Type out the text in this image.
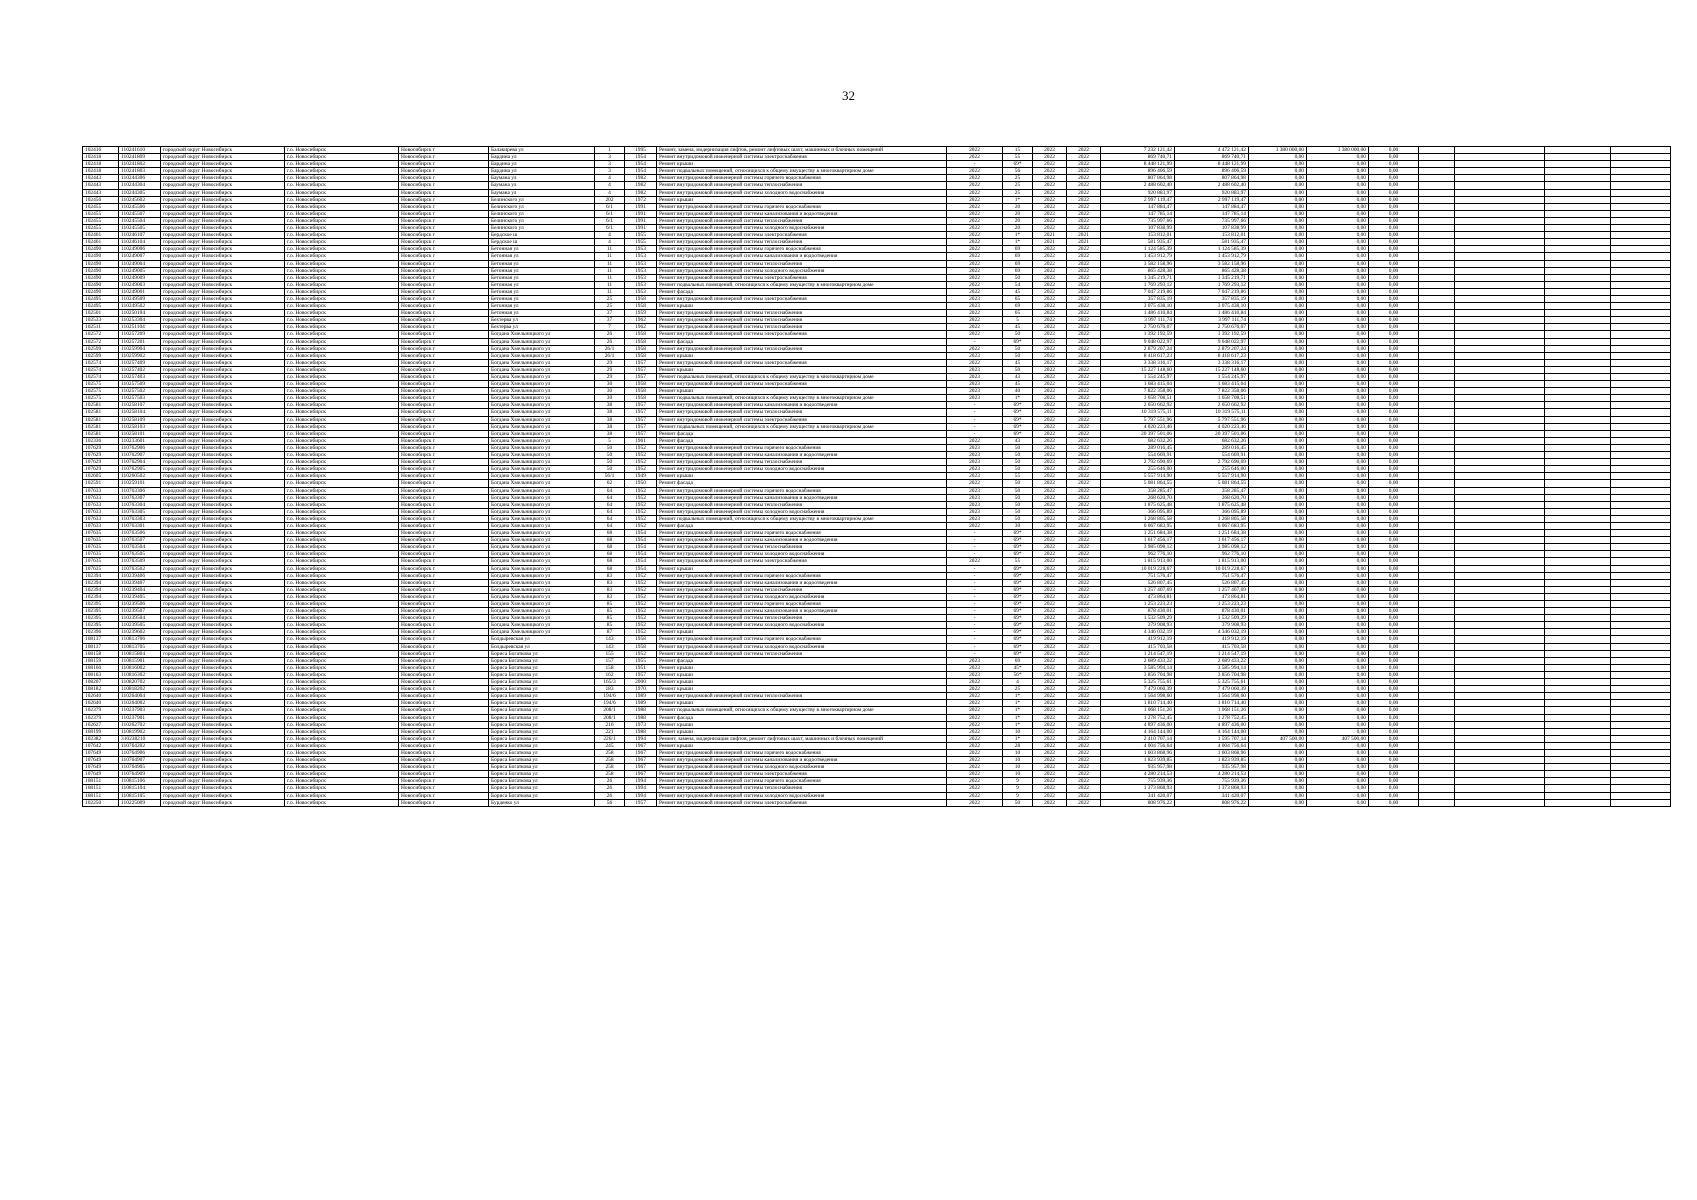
32
102416	110241610	городской округ Новосибирск	г.о. Новосибирск	Новосибирск г	Балакирева ул	1	1995	Ремонт, замена, модернизация лифтов, ремонт лифтовых шахт, машинных и блочных помещений	2022	15	2022	2022	7 232 121,42	4 472 121,42	1 380 000,00	1 380 000,00	0,00				
102418	110241809	городской округ Новосибирск	г.о. Новосибирск	Новосибирск г	Бардина ул	3	1954	Ремонт внутридомовой инженерной системы электроснабжения	2022	55	2022	2022	869 740,71	869 740,71	0,00	0,00	0,00				
102418	110241802	городской округ Новосибирск	г.о. Новосибирск	Новосибирск г	Бардина ул	3	1954	Ремонт крыши	-	69*	2022	2022	8 448 121,99	8 448 121,99	0,00	0,00	0,00				
102418	110241803	городской округ Новосибирск	г.о. Новосибирск	Новосибирск г	Бардина ул	3	1954	Ремонт подвальных помещений, относящихся к общему имуществу в многоквартирном доме	2022	56	2022	2022	896 406,59	896 406,59	0,00	0,00	0,00				
102443	110244306	городской округ Новосибирск	г.о. Новосибирск	Новосибирск г	Бауманa ул	4	1982	Ремонт внутридомовой инженерной системы горячего водоснабжения	2022	25	2022	2022	807 864,98	807 864,98	0,00	0,00	0,00				
102443	110244304	городской округ Новосибирск	г.о. Новосибирск	Новосибирск г	Бауманa ул	4	1982	Ремонт внутридомовой инженерной системы теплоснабжения	2022	25	2022	2022	2 488 602,40	2 488 602,40	0,00	0,00	0,00				
102443	110244305	городской округ Новосибирск	г.о. Новосибирск	Новосибирск г	Бауманa ул	4	1982	Ремонт внутридомовой инженерной системы холодного водоснабжения	2022	25	2022	2022	920 883,97	920 883,97	0,00	0,00	0,00				
102456	110245602	городской округ Новосибирск	г.о. Новосибирск	Новосибирск г	Белинского ул	202	1972	Ремонт крыши	2022	1*	2022	2022	2 997 119,47	2 997 119,47	0,00	0,00	0,00				
102455	110245506	городской округ Новосибирск	г.о. Новосибирск	Новосибирск г	Белинского ул	6/1	1991	Ремонт внутридомовой инженерной системы горячего водоснабжения	2022	20	2022	2022	147 884,47	147 884,47	0,00	0,00	0,00				
102455	110245507	городской округ Новосибирск	г.о. Новосибирск	Новосибирск г	Белинского ул	6/1	1991	Ремонт внутридомовой инженерной системы канализования и водоотведения	2022	20	2022	2022	147 785,14	147 785,14	0,00	0,00	0,00				
102455	110245504	городской округ Новосибирск	г.о. Новосибирск	Новосибирск г	Белинского ул	6/1	1991	Ремонт внутридомовой инженерной системы теплоснабжения	2022	20	2022	2022	735 997,66	735 997,66	0,00	0,00	0,00				
102455	110245505	городской округ Новосибирск	г.о. Новосибирск	Новосибирск г	Белинского ул	6/1	1991	Ремонт внутридомовой инженерной системы холодного водоснабжения	2022	20	2022	2022	107 838,99	107 838,99	0,00	0,00	0,00				
102461	110246107	городской округ Новосибирск	г.о. Новосибирск	Новосибирск г	Бердское ш	4	1955	Ремонт внутридомовой инженерной системы электроснабжения	2022	1*	2021	2021	153 812,01	153 812,01	0,00	0,00	0,00				
102461	110246104	городской округ Новосибирск	г.о. Новосибирск	Новосибирск г	Бердское ш	4	1955	Ремонт внутридомовой инженерной системы теплоснабжения	2022	1*	2021	2021	581 935,47	581 935,47	0,00	0,00	0,00				
102490	110249006	городской округ Новосибирск	г.о. Новосибирск	Новосибирск г	Бетонная ул	11	1953	Ремонт внутридомовой инженерной системы горячего водоснабжения	2022	69	2022	2022	1 124 585,39	1 124 585,39	0,00	0,00	0,00				
102490	110249007	городской округ Новосибирск	г.о. Новосибирск	Новосибирск г	Бетонная ул	11	1953	Ремонт внутридомовой инженерной системы канализования и водоотведения	2022	69	2022	2022	1 453 912,79	1 453 912,79	0,00	0,00	0,00				
102490	110249004	городской округ Новосибирск	г.о. Новосибирск	Новосибирск г	Бетонная ул	11	1953	Ремонт внутридомовой инженерной системы теплоснабжения	2022	69	2022	2022	3 582 158,96	3 582 158,96	0,00	0,00	0,00				
102490	110249005	городской округ Новосибирск	г.о. Новосибирск	Новосибирск г	Бетонная ул	11	1953	Ремонт внутридомовой инженерной системы холодного водоснабжения	2022	69	2022	2022	865 428,38	865 428,38	0,00	0,00	0,00				
102490	110249009	городской округ Новосибирск	г.о. Новосибирск	Новосибирск г	Бетонная ул	11	1953	Ремонт внутридомовой инженерной системы электроснабжения	2022	50	2022	2022	1 345 219,71	1 345 219,71	0,00	0,00	0,00				
102490	110249003	городской округ Новосибирск	г.о. Новосибирск	Новосибирск г	Бетонная ул	11	1953	Ремонт подвальных помещений, относящихся к общему имуществу в многоквартирном доме	2022	54	2022	2022	1 769 293,12	1 769 293,12	0,00	0,00	0,00				
102490	110249001	городской округ Новосибирск	г.о. Новосибирск	Новосибирск г	Бетонная ул	11	1953	Ремонт фасада	2022	45	2022	2022	7 047 219,86	7 047 219,86	0,00	0,00	0,00				
102495	110249509	городской округ Новосибирск	г.о. Новосибирск	Новосибирск г	Бетонная ул	25	1958	Ремонт внутридомовой инженерной системы электроснабжения	2023	65	2022	2022	357 835,19	357 835,19	0,00	0,00	0,00				
102495	110249502	городской округ Новосибирск	г.о. Новосибирск	Новосибирск г	Бетонная ул	25	1958	Ремонт крыши	2023	69	2022	2022	3 075 438,10	3 075 438,10	0,00	0,00	0,00				
102501	110250104	городской округ Новосибирск	г.о. Новосибирск	Новосибирск г	Бетонная ул	37	1959	Ремонт внутридомовой инженерной системы теплоснабжения	2022	65	2022	2022	1 486 410,84	1 486 410,84	0,00	0,00	0,00				
102533	110253304	городской округ Новосибирск	г.о. Новосибирск	Новосибирск г	Бехтерва ул	37	1962	Ремонт внутридомовой инженерной системы теплоснабжения	2022	5	2022	2022	3 997 111,74	3 997 111,74	0,00	0,00	0,00				
102511	110251104	городской округ Новосибирск	г.о. Новосибирск	Новосибирск г	Бехтерва ул	7	1962	Ремонт внутридомовой инженерной системы теплоснабжения	2022	45	2022	2022	2 750 676,07	2 750 676,07	0,00	0,00	0,00				
102572	110257209	городской округ Новосибирск	г.о. Новосибирск	Новосибирск г	Богдана Хмельницкого ул	26	1958	Ремонт внутридомовой инженерной системы электроснабжения	2022	50	2022	2022	1 392 192,59	1 392 192,59	0,00	0,00	0,00				
102572	110257201	городской округ Новосибирск	г.о. Новосибирск	Новосибирск г	Богдана Хмельницкого ул	26	1958	Ремонт фасада	-	69*	2022	2022	9 048 022,97	9 048 022,97	0,00	0,00	0,00				
102599	110259904	городской округ Новосибирск	г.о. Новосибирск	Новосибирск г	Богдана Хмельницкого ул	26/1	1958	Ремонт внутридомовой инженерной системы теплоснабжения	2022	50	2022	2022	2 879 207,24	2 879 207,24	0,00	0,00	0,00				
102599	110259902	городской округ Новосибирск	г.о. Новосибирск	Новосибирск г	Богдана Хмельницкого ул	26/1	1958	Ремонт крыши	2023	50	2022	2022	8 418 617,23	8 418 617,23	0,00	0,00	0,00				
102574	110257409	городской округ Новосибирск	г.о. Новосибирск	Новосибирск г	Богдана Хмельницкого ул	29	1957	Ремонт внутридомовой инженерной системы электроснабжения	2022	45	2022	2022	3 338 316,17	3 338 316,17	0,00	0,00	0,00				
102574	110257402	городской округ Новосибирск	г.о. Новосибирск	Новосибирск г	Богдана Хмельницкого ул	29	1957	Ремонт крыши	2023	50	2022	2022	15 227 148,60	15 227 148,60	0,00	0,00	0,00				
102574	110257403	городской округ Новосибирск	г.о. Новосибирск	Новосибирск г	Богдана Хмельницкого ул	29	1957	Ремонт подвальных помещений, относящихся к общему имуществу в многоквартирном доме	2023	43	2022	2022	1 554 245,97	1 554 245,97	0,00	0,00	0,00				
102575	110257509	городской округ Новосибирск	г.о. Новосибирск	Новосибирск г	Богдана Хмельницкого ул	30	1958	Ремонт внутридомовой инженерной системы электроснабжения	2023	45	2022	2022	1 683 415,04	1 683 415,04	0,00	0,00	0,00				
102575	110257502	городской округ Новосибирск	г.о. Новосибирск	Новосибирск г	Богдана Хмельницкого ул	30	1958	Ремонт крыши	2023	40	2022	2022	7 822 358,06	7 822 358,06	0,00	0,00	0,00				
102575	110257503	городской округ Новосибирск	г.о. Новосибирск	Новосибирск г	Богдана Хмельницкого ул	30	1958	Ремонт подвальных помещений, относящихся к общему имуществу в многоквартирном доме	2023	1*	2022	2022	1 658 708,51	1 658 708,51	0,00	0,00	0,00				
102581	110258107	городской округ Новосибирск	г.о. Новосибирск	Новосибирск г	Богдана Хмельницкого ул	38	1957	Ремонт внутридомовой инженерной системы канализования и водоотведения	-	69*	2022	2022	2 650 662,92	2 650 662,92	0,00	0,00	0,00				
102581	110258104	городской округ Новосибирск	г.о. Новосибирск	Новосибирск г	Богдана Хмельницкого ул	38	1957	Ремонт внутридомовой инженерной системы теплоснабжения	-	69*	2022	2022	10 319 575,11	10 319 575,11	0,00	0,00	0,00				
102581	110258109	городской округ Новосибирск	г.о. Новосибирск	Новосибирск г	Богдана Хмельницкого ул	38	1957	Ремонт внутридомовой инженерной системы электроснабжения	-	69*	2022	2022	5 797 551,96	5 797 551,96	0,00	0,00	0,00				
102581	110258103	городской округ Новосибирск	г.о. Новосибирск	Новосибирск г	Богдана Хмельницкого ул	38	1957	Ремонт подвальных помещений, относящихся к общему имуществу в многоквартирном доме	-	69*	2022	2022	4 020 223,46	4 020 223,46	0,00	0,00	0,00				
102581	110258101	городской округ Новосибирск	г.о. Новосибирск	Новосибирск г	Богдана Хмельницкого ул	38	1957	Ремонт фасада	-	69*	2022	2022	20 397 501,06	20 397 501,06	0,00	0,00	0,00				
102336	110233601	городской округ Новосибирск	г.о. Новосибирск	Новосибирск г	Богдана Хмельницкого ул	5	1961	Ремонт фасада	2022	43	2022	2022	682 632,26	682 632,26	0,00	0,00	0,00				
107629	110762906	городской округ Новосибирск	г.о. Новосибирск	Новосибирск г	Богдана Хмельницкого ул	50	1952	Ремонт внутридомовой инженерной системы горячего водоснабжения	2023	50	2022	2022	289 016,45	289 016,45	0,00	0,00	0,00				
107629	110762907	городской округ Новосибирск	г.о. Новосибирск	Новосибирск г	Богдана Хмельницкого ул	50	1952	Ремонт внутридомовой инженерной системы канализования и водоотведения	2023	50	2022	2022	554 669,91	554 669,91	0,00	0,00	0,00				
107629	110762904	городской округ Новосибирск	г.о. Новосибирск	Новосибирск г	Богдана Хмельницкого ул	50	1952	Ремонт внутридомовой инженерной системы теплоснабжения	2023	50	2022	2022	2 792 690,69	2 792 690,69	0,00	0,00	0,00				
107629	110762905	городской округ Новосибирск	г.о. Новосибирск	Новосибирск г	Богдана Хмельницкого ул	50	1952	Ремонт внутридомовой инженерной системы холодного водоснабжения	2023	50	2022	2022	255 646,00	255 646,00	0,00	0,00	0,00				
102605	110260502	городской округ Новосибирск	г.о. Новосибирск	Новосибирск г	Богдана Хмельницкого ул	56/1	1949	Ремонт крыши	2023	55	2022	2022	5 557 914,90	5 557 914,90	0,00	0,00	0,00				
102591	110259101	городской округ Новосибирск	г.о. Новосибирск	Новосибирск г	Богдана Хмельницкого ул	62	1950	Ремонт фасада	2022	50	2022	2022	5 081 864,55	5 081 864,55	0,00	0,00	0,00				
107633	110763306	городской округ Новосибирск	г.о. Новосибирск	Новосибирск г	Богдана Хмельницкого ул	64	1952	Ремонт внутридомовой инженерной системы горячего водоснабжения	2023	50	2022	2022	358 285,47	358 285,47	0,00	0,00	0,00				
107633	110763307	городской округ Новосибирск	г.о. Новосибирск	Новосибирск г	Богдана Хмельницкого ул	64	1952	Ремонт внутридомовой инженерной системы канализования и водоотведения	2023	50	2022	2022	268 620,70	268 620,70	0,00	0,00	0,00				
107633	110763304	городской округ Новосибирск	г.о. Новосибирск	Новосибирск г	Богдана Хмельницкого ул	64	1952	Ремонт внутридомовой инженерной системы теплоснабжения	2023	50	2022	2022	1 875 625,48	1 875 625,48	0,00	0,00	0,00				
107633	110763305	городской округ Новосибирск	г.о. Новосибирск	Новосибирск г	Богдана Хмельницкого ул	64	1952	Ремонт внутридомовой инженерной системы холодного водоснабжения	2023	50	2022	2022	366 095,89	366 095,89	0,00	0,00	0,00				
107633	110763303	городской округ Новосибирск	г.о. Новосибирск	Новосибирск г	Богдана Хмельницкого ул	64	1952	Ремонт подвальных помещений, относящихся к общему имуществу в многоквартирном доме	2023	50	2022	2022	1 268 805,58	1 268 805,58	0,00	0,00	0,00				
107633	110763301	городской округ Новосибирск	г.о. Новосибирск	Новосибирск г	Богдана Хмельницкого ул	64	1952	Ремонт фасада	2022	30	2022	2022	6 067 683,95	6 067 683,95	0,00	0,00	0,00				
107635	110763506	городской округ Новосибирск	г.о. Новосибирск	Новосибирск г	Богдана Хмельницкого ул	68	1954	Ремонт внутридомовой инженерной системы горячего водоснабжения	-	69*	2022	2022	1 251 684,38	1 251 684,38	0,00	0,00	0,00				
107635	110763507	городской округ Новосибирск	г.о. Новосибирск	Новосибирск г	Богдана Хмельницкого ул	68	1954	Ремонт внутридомовой инженерной системы канализования и водоотведения	-	69*	2022	2022	1 617 456,17	1 617 456,17	0,00	0,00	0,00				
107635	110763504	городской округ Новосибирск	г.о. Новосибирск	Новосибирск г	Богдана Хмельницкого ул	68	1954	Ремонт внутридомовой инженерной системы теплоснабжения	-	69*	2022	2022	3 985 098,12	3 985 098,12	0,00	0,00	0,00				
107635	110763505	городской округ Новосибирск	г.о. Новосибирск	Новосибирск г	Богдана Хмельницкого ул	68	1954	Ремонт внутридомовой инженерной системы холодного водоснабжения	-	69*	2022	2022	962 776,10	962 776,10	0,00	0,00	0,00				
107635	110763509	городской округ Новосибирск	г.о. Новосибирск	Новосибирск г	Богдана Хмельницкого ул	68	1954	Ремонт внутридомовой инженерной системы электроснабжения	2022	55	2022	2022	1 815 913,00	1 815 913,00	0,00	0,00	0,00				
107635	110763502	городской округ Новосибирск	г.о. Новосибирск	Новосибирск г	Богдана Хмельницкого ул	68	1954	Ремонт крыши	-	69*	2022	2022	10 019 228,67	10 019 228,67	0,00	0,00	0,00				
102394	110239406	городской округ Новосибирск	г.о. Новосибирск	Новосибирск г	Богдана Хмельницкого ул	83	1952	Ремонт внутридомовой инженерной системы горячего водоснабжения	-	69*	2022	2022	751 576,47	751 576,47	0,00	0,00	0,00				
102394	110239407	городской округ Новосибирск	г.о. Новосибирск	Новосибирск г	Богдана Хмельницкого ул	83	1952	Ремонт внутридомовой инженерной системы канализования и водоотведения	-	69*	2022	2022	526 807,45	526 807,45	0,00	0,00	0,00				
102394	110239404	городской округ Новосибирск	г.о. Новосибирск	Новосибирск г	Богдана Хмельницкого ул	83	1952	Ремонт внутридомовой инженерной системы теплоснабжения	-	69*	2022	2022	1 257 407,69	1 257 407,69	0,00	0,00	0,00				
102394	110239405	городской округ Новосибирск	г.о. Новосибирск	Новосибирск г	Богдана Хмельницкого ул	83	1952	Ремонт внутридомовой инженерной системы холодного водоснабжения	-	69*	2022	2022	473 864,81	473 864,81	0,00	0,00	0,00				
102395	110239506	городской округ Новосибирск	г.о. Новосибирск	Новосибирск г	Богдана Хмельницкого ул	85	1952	Ремонт внутридомовой инженерной системы горячего водоснабжения	-	69*	2022	2022	1 253 223,23	1 253 223,23	0,00	0,00	0,00				
102395	110239507	городской округ Новосибирск	г.о. Новосибирск	Новосибирск г	Богдана Хмельницкого ул	85	1952	Ремонт внутридомовой инженерной системы канализования и водоотведения	-	69*	2022	2022	878 430,01	878 430,01	0,00	0,00	0,00				
102395	110239504	городской округ Новосибирск	г.о. Новосибирск	Новосибирск г	Богдана Хмельницкого ул	85	1952	Ремонт внутридомовой инженерной системы теплоснабжения	-	69*	2022	2022	1 532 509,29	1 532 509,29	0,00	0,00	0,00				
102395	110239505	городской округ Новосибирск	г.о. Новосибирск	Новосибирск г	Богдана Хмельницкого ул	85	1952	Ремонт внутридомовой инженерной системы холодного водоснабжения	-	69*	2022	2022	379 908,93	379 908,93	0,00	0,00	0,00				
102396	110239602	городской округ Новосибирск	г.о. Новосибирск	Новосибирск г	Богдана Хмельницкого ул	87	1952	Ремонт крыши	-	69*	2022	2022	4 346 032,19	4 346 032,19	0,00	0,00	0,00				
108137	110813706	городской округ Новосибирск	г.о. Новосибирск	Новосибирск г	Болдыревская ул	143	1958	Ремонт внутридомовой инженерной системы горячего водоснабжения	-	69*	2022	2022	419 912,19	419 912,19	0,00	0,00	0,00				
108137	110813705	городской округ Новосибирск	г.о. Новосибирск	Новосибирск г	Болдыревская ул	143	1958	Ремонт внутридомовой инженерной системы холодного водоснабжения	-	69*	2022	2022	415 703,58	415 703,58	0,00	0,00	0,00				
108158	110815804	городской округ Новосибирск	г.о. Новосибирск	Новосибирск г	Бориса Богаткова ул	155	1952	Ремонт внутридомовой инженерной системы теплоснабжения	-	69*	2022	2022	1 214 547,19	1 214 547,19	0,00	0,00	0,00				
108159	110815901	городской округ Новосибирск	г.о. Новосибирск	Новосибирск г	Бориса Богаткова ул	157	1955	Ремонт фасада	2023	69	2022	2022	2 689 433,22	2 689 433,22	0,00	0,00	0,00				
108160	110816002	городской округ Новосибирск	г.о. Новосибирск	Новосибирск г	Бориса Богаткова ул	158	1951	Ремонт крыши	2023	45*	2022	2022	3 585 994,14	3 585 994,14	0,00	0,00	0,00				
108163	110816302	городской округ Новосибирск	г.о. Новосибирск	Новосибирск г	Бориса Богаткова ул	162	1957	Ремонт крыши	2023	56*	2022	2022	3 856 704,98	3 856 704,98	0,00	0,00	0,00				
108207	110820702	городской округ Новосибирск	г.о. Новосибирск	Новосибирск г	Бориса Богаткова ул	165/3	2000	Ремонт крыши	2022	4	2022	2022	5 325 755,61	5 325 755,61	0,00	0,00	0,00				
108182	110818202	городской округ Новосибирск	г.о. Новосибирск	Новосибирск г	Бориса Богаткова ул	183	1970	Ремонт крыши	2022	25	2022	2022	7 479 060,39	7 479 060,39	0,00	0,00	0,00				
102640	110264004	городской округ Новосибирск	г.о. Новосибирск	Новосибирск г	Бориса Богаткова ул	194/6	1989	Ремонт внутридомовой инженерной системы теплоснабжения	2022	1*	2022	2022	1 564 998,60	1 564 998,60	0,00	0,00	0,00				
102640	110264002	городской округ Новосибирск	г.о. Новосибирск	Новосибирск г	Бориса Богаткова ул	194/6	1989	Ремонт крыши	2022	1*	2022	2022	1 810 714,40	1 810 714,40	0,00	0,00	0,00				
102379	110237903	городской округ Новосибирск	г.о. Новосибирск	Новосибирск г	Бориса Богаткова ул	208/1	1988	Ремонт подвальных помещений, относящихся к общему имуществу в многоквартирном доме	2022	1*	2022	2022	1 068 151,26	1 068 151,26	0,00	0,00	0,00				
102379	110237901	городской округ Новосибирск	г.о. Новосибирск	Новосибирск г	Бориса Богаткова ул	208/1	1988	Ремонт фасада	2022	1*	2022	2022	1 278 752,45	1 278 752,45	0,00	0,00	0,00				
102627	110262702	городской округ Новосибирск	г.о. Новосибирск	Новосибирск г	Бориса Богаткова ул	216	1973	Ремонт крыши	2022	1*	2022	2022	4 897 436,00	4 897 436,00	0,00	0,00	0,00				
108199	110819902	городской округ Новосибирск	г.о. Новосибирск	Новосибирск г	Бориса Богаткова ул	221	1988	Ремонт крыши	2022	10	2022	2022	4 164 144,00	4 164 144,00	0,00	0,00	0,00				
102382	310238210	городской округ Новосибирск	г.о. Новосибирск	Новосибирск г	Бориса Богаткова ул	226/1	1994	Ремонт, замена, модернизация лифтов, ремонт лифтовых шахт, машинных и блочных помещений	2022	1*	2022	2022	2 410 707,14	1 595 707,14	407 500,00	407 500,00	0,00				
107642	110764202	городской округ Новосибирск	г.о. Новосибирск	Новосибирск г	Бориса Богаткова ул	245	1967	Ремонт крыши	2022	28	2022	2022	4 004 756,64	4 004 756,64	0,00	0,00	0,00				
107649	110764906	городской округ Новосибирск	г.о. Новосибирск	Новосибирск г	Бориса Богаткова ул	258	1967	Ремонт внутридомовой инженерной системы горячего водоснабжения	2022	10	2022	2022	1 603 868,96	1 603 868,96	0,00	0,00	0,00				
107649	110764907	городской округ Новосибирск	г.о. Новосибирск	Новосибирск г	Бориса Богаткова ул	258	1967	Ремонт внутридомовой инженерной системы канализования и водоотведения	2022	10	2022	2022	1 823 939,85	1 823 939,85	0,00	0,00	0,00				
107649	110764905	городской округ Новосибирск	г.о. Новосибирск	Новосибирск г	Бориса Богаткова ул	258	1967	Ремонт внутридомовой инженерной системы холодного водоснабжения	2022	10	2022	2022	935 957,98	935 957,98	0,00	0,00	0,00				
107649	110764909	городской округ Новосибирск	г.о. Новосибирск	Новосибирск г	Бориса Богаткова ул	258	1967	Ремонт внутридомовой инженерной системы электроснабжения	2022	10	2022	2022	4 280 214,53	4 280 214,53	0,00	0,00	0,00				
108151	110815106	городской округ Новосибирск	г.о. Новосибирск	Новосибирск г	Бориса Богаткова ул	26	1994	Ремонт внутридомовой инженерной системы горячего водоснабжения	2022	9	2022	2022	755 939,36	755 939,36	0,00	0,00	0,00				
108151	110815104	городской округ Новосибирск	г.о. Новосибирск	Новосибирск г	Бориса Богаткова ул	26	1994	Ремонт внутридомовой инженерной системы теплоснабжения	2022	9	2022	2022	1 373 868,93	1 373 868,93	0,00	0,00	0,00				
108151	110815105	городской округ Новосибирск	г.о. Новосибирск	Новосибирск г	Бориса Богаткова ул	26	1994	Ремонт внутридомовой инженерной системы холодного водоснабжения	2022	9	2022	2022	341 420,07	341 420,07	0,00	0,00	0,00				
102250	110225009	городской округ Новосибирск	г.о. Новосибирск	Новосибирск г	Бурденко ул	56	1957	Ремонт внутридомовой инженерной системы электроснабжения	2022	50	2022	2022	808 976,22	808 976,22	0,00	0,00	0,00				
